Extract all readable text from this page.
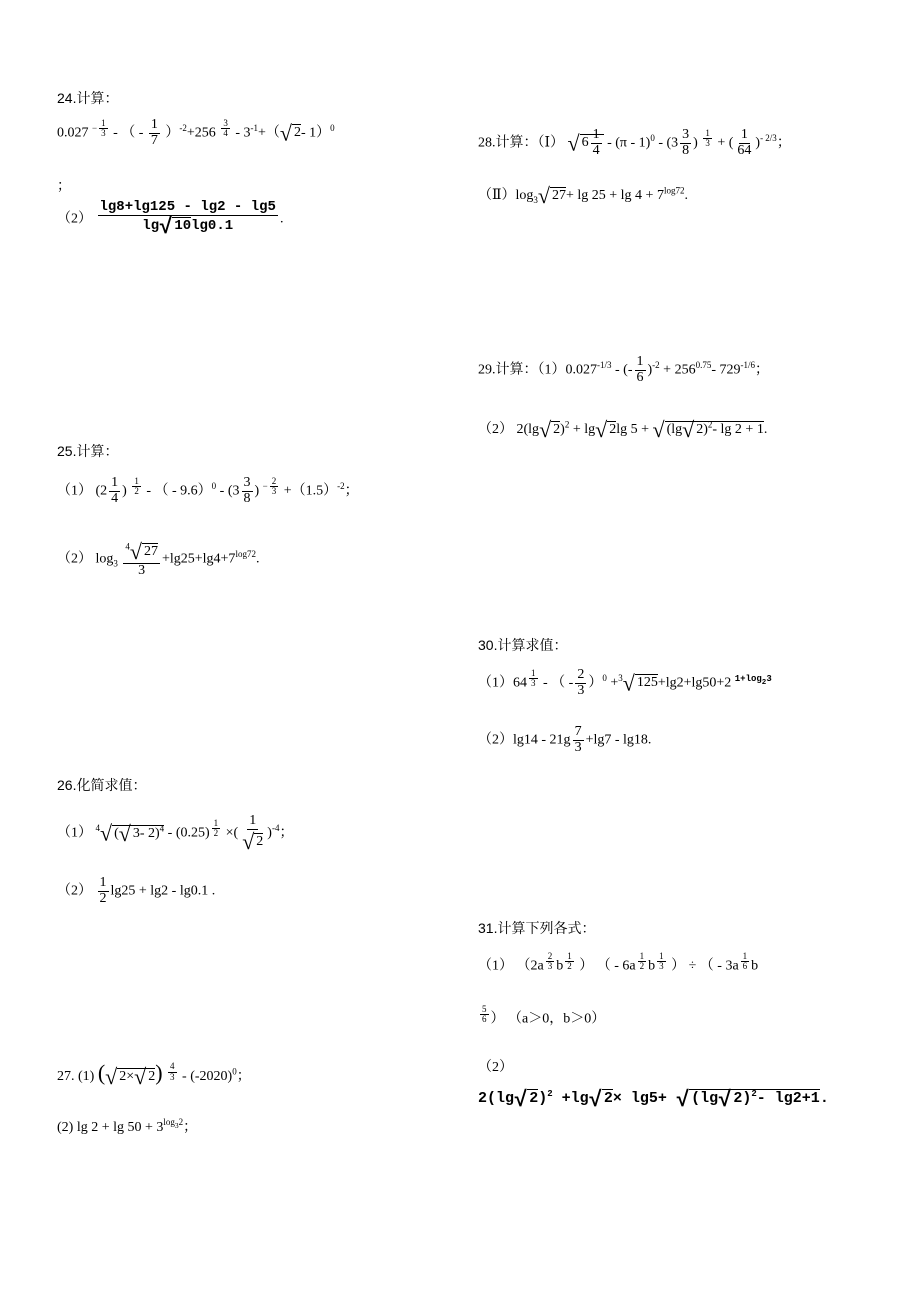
24.计算：
0.027 $^{- \frac{1}{3}}$ - （ - $\frac{1}{7} )^{-2}+256$ $^{\frac{3}{4}} - 3^{-1}+(√$ 2- 1）$^0$
；
$(2) \frac{\lg 8+\lg 125 - \lg 2 - \lg 5}{\lg√ 10\lg 0.1}$ .
25.计算：
（1） ($2 \frac{1}{4}$ ) $^{\frac{1}{2}}$ - （ - $9.6)^0 - (3 \frac{3}{8}$ ) $^{- \frac{2}{3}} +(1.5)^{-2}$；
（2） $\log_3 \frac{^4√ 27}{3} +\lg 25+\lg 4+7^{log72}$.
26.化简求值：
（1） $^4$√ (√ 3- 2)$^4$ - (0.25) $^{\frac{1}{2}}$ ×( $\frac{1}{√ 2} )^{-4}$；
$(2) \frac{1}{2} \lg 25 + \lg 2 - \lg 0.1$ .
27. (1) (√ 2×√ 2) $^{\frac{4}{3}} - (-2020)^0$；
(2) $\lg 2 + \lg 50 + 3^{log_32}$；
28.计算：（Ⅰ） √ $6 \frac{1}{4} - (\pi - 1)^0 - (3 \frac{3}{8}$ ) $^{\frac{1}{3}}$ + ( $\frac{1}{64} )^{- 2/3}$；
$(Ⅱ)\log_3√$ $27+ \lg 25 + \lg 4 + 7^{log72}$.
29.计算：$(1)0.027^{-1/3}$ - (- $\frac{1}{6} )^{-2} + 256^{0.75}-$ $729^{-1/6}$；
（2） 2(lg√ 2)$^2$ + lg√ 2lg 5 + √ (lg√ 2)$^2$- lg 2 + 1.
30.计算求值：
（1）64 $^{\frac{1}{3}}$ - （ - $\frac{2}{3} )^0 +^3√$ 125+lg2+lg50+2 $^{1+log_23}$
$(2)\lg 14 - 21g \frac{7}{3} +\lg 7 - \lg 18$.
31.计算下列各式：
（1） （2a $^{\frac{2}{3}}$ b $^{\frac{1}{2}}$ ） （ - 6a $^{\frac{1}{2}}$ b $^{\frac{1}{3}}$ ） ÷ （ - 3a $^{\frac{1}{6}}$ b
$^{\frac{5}{6}}$ ） （a＞0，b＞0）
（2）
2(lg√ 2)$^2$ +lg√ 2× lg5+ √ (lg√ 2)$^2$- lg2+1.
